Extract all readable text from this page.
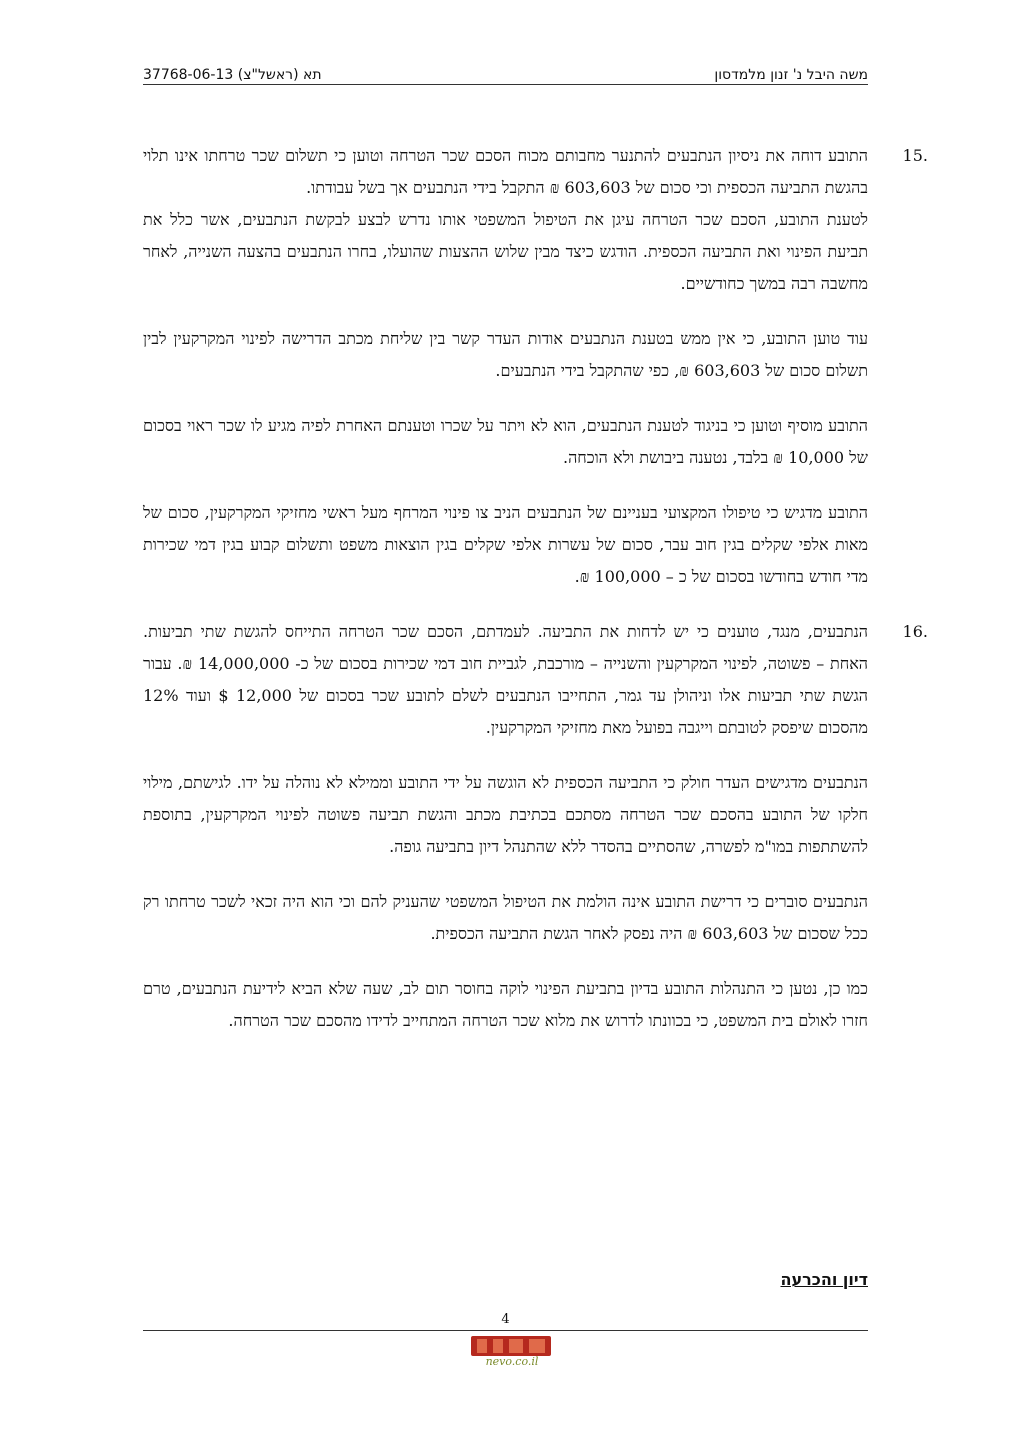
משה היבל נ' זנון מלמדסון
תא (ראשל"צ) 37768-06-13

15.
התובע דוחה את ניסיון הנתבעים להתנער מחבותם מכוח הסכם שכר הטרחה וטוען כי תשלום שכר טרחתו אינו תלוי בהגשת התביעה הכספית וכי סכום של 603,603 ₪ התקבל בידי הנתבעים אך בשל עבודתו.

לטענת התובע, הסכם שכר הטרחה עיגן את הטיפול המשפטי אותו נדרש לבצע לבקשת הנתבעים, אשר כלל את תביעת הפינוי ואת התביעה הכספית. הודגש כיצד מבין שלוש ההצעות שהועלו, בחרו הנתבעים בהצעה השנייה, לאחר מחשבה רבה במשך כחודשיים.

עוד טוען התובע, כי אין ממש בטענת הנתבעים אודות העדר קשר בין שליחת מכתב הדרישה לפינוי המקרקעין לבין תשלום סכום של 603,603 ₪, כפי שהתקבל בידי הנתבעים.

התובע מוסיף וטוען כי בניגוד לטענת הנתבעים, הוא לא ויתר על שכרו וטענתם האחרת לפיה מגיע לו שכר ראוי בסכום של 10,000 ₪ בלבד, נטענה ביבושת ולא הוכחה.

התובע מדגיש כי טיפולו המקצועי בעניינם של הנתבעים הניב צו פינוי המרחף מעל ראשי מחזיקי המקרקעין, סכום של מאות אלפי שקלים בגין חוב עבר, סכום של עשרות אלפי שקלים בגין הוצאות משפט ותשלום קבוע בגין דמי שכירות מדי חודש בחודשו בסכום של כ – 100,000 ₪.

16.
הנתבעים, מנגד, טוענים כי יש לדחות את התביעה. לעמדתם, הסכם שכר הטרחה התייחס להגשת שתי תביעות. האחת – פשוטה, לפינוי המקרקעין והשנייה – מורכבת, לגביית חוב דמי שכירות בסכום של כ- 14,000,000 ₪. עבור הגשת שתי תביעות אלו וניהולן עד גמר, התחייבו הנתבעים לשלם לתובע שכר בסכום של 12,000 $ ועוד 12% מהסכום שיפסק לטובתם וייגבה בפועל מאת מחזיקי המקרקעין.

הנתבעים מדגישים העדר חולק כי התביעה הכספית לא הוגשה על ידי התובע וממילא לא נוהלה על ידו. לגישתם, מילוי חלקו של התובע בהסכם שכר הטרחה מסתכם בכתיבת מכתב והגשת תביעה פשוטה לפינוי המקרקעין, בתוספת להשתתפות במו"מ לפשרה, שהסתיים בהסדר ללא שהתנהל דיון בתביעה גופה.

הנתבעים סוברים כי דרישת התובע אינה הולמת את הטיפול המשפטי שהעניק להם וכי הוא היה זכאי לשכר טרחתו רק ככל שסכום של 603,603 ₪ היה נפסק לאחר הגשת התביעה הכספית.

כמו כן, נטען כי התנהלות התובע בדיון בתביעת הפינוי לוקה בחוסר תום לב, שעה שלא הביא לידיעת הנתבעים, טרם חזרו לאולם בית המשפט, כי בכוונתו לדרוש את מלוא שכר הטרחה המתחייב לדידו מהסכם שכר הטרחה.

דיון והכרעה
4
nevo.co.il
